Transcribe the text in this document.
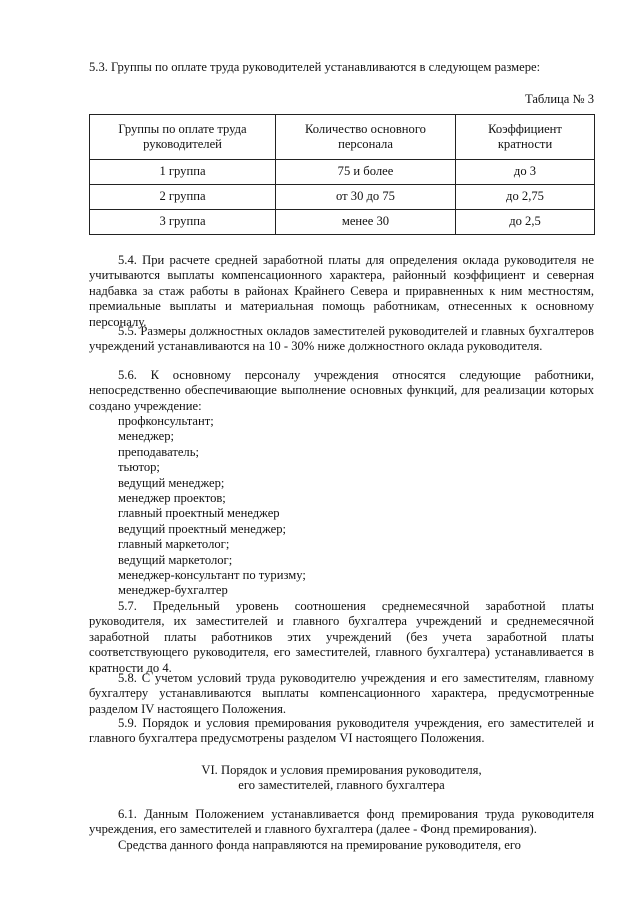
5.3. Группы по оплате труда руководителей устанавливаются в следующем размере:

Таблица № 3

Группы по оплате труда руководителей	Количество основного персонала	Коэффициент кратности
1 группа	75 и более	до 3
2 группа	от 30 до 75	до 2,75
3 группа	менее 30	до 2,5

5.4. При расчете средней заработной платы для определения оклада руководителя не учитываются выплаты компенсационного характера, районный коэффициент и северная надбавка за стаж работы в районах Крайнего Севера и приравненных к ним местностям, премиальные выплаты и материальная помощь работникам, отнесенных к основному персоналу.

5.5. Размеры должностных окладов заместителей руководителей и главных бухгалтеров учреждений устанавливаются на 10 - 30% ниже должностного оклада руководителя.

5.6. К основному персоналу учреждения относятся следующие работники, непосредственно обеспечивающие выполнение основных функций, для реализации которых создано учреждение:

профконсультант;
менеджер;
преподаватель;
тьютор;
ведущий менеджер;
менеджер проектов;
главный проектный менеджер
ведущий проектный менеджер;
главный маркетолог;
ведущий маркетолог;
менеджер-консультант по туризму;
менеджер-бухгалтер

5.7. Предельный уровень соотношения среднемесячной заработной платы руководителя, их заместителей и главного бухгалтера учреждений и среднемесячной заработной платы работников этих учреждений (без учета заработной платы соответствующего руководителя, его заместителей, главного бухгалтера) устанавливается в кратности до 4.

5.8. С учетом условий труда руководителю учреждения и его заместителям, главному бухгалтеру устанавливаются выплаты компенсационного характера, предусмотренные разделом IV настоящего Положения.

5.9. Порядок и условия премирования руководителя учреждения, его заместителей и главного бухгалтера предусмотрены разделом VI настоящего Положения.

VI. Порядок и условия премирования руководителя,
его заместителей, главного бухгалтера

6.1. Данным Положением устанавливается фонд премирования труда руководителя учреждения, его заместителей и главного бухгалтера (далее - Фонд премирования).

Средства данного фонда направляются на премирование руководителя, его
